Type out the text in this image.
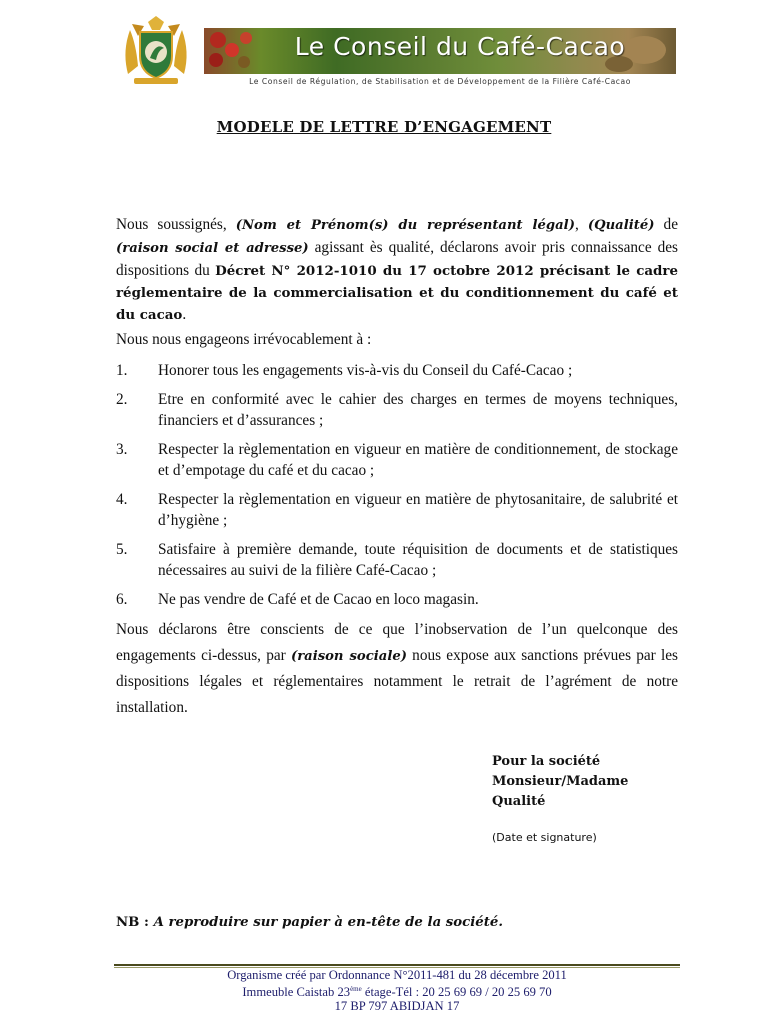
Le Conseil du Café-Cacao
Le Conseil de Régulation, de Stabilisation et de Développement de la Filière Café-Cacao
MODELE DE LETTRE D’ENGAGEMENT
Nous soussignés, (Nom et Prénom(s) du représentant légal), (Qualité) de (raison social et adresse) agissant ès qualité, déclarons avoir pris connaissance des dispositions du Décret N° 2012-1010 du 17 octobre 2012 précisant le cadre réglementaire de la commercialisation et du conditionnement du café et du cacao.
Nous nous engageons irrévocablement à :
1. Honorer tous les engagements vis-à-vis du Conseil du Café-Cacao ;
2. Etre en conformité avec le cahier des charges en termes de moyens techniques, financiers et d’assurances ;
3. Respecter la règlementation en vigueur en matière de conditionnement, de stockage et d’empotage du café et du cacao ;
4. Respecter la règlementation en vigueur en matière de phytosanitaire, de salubrité et d’hygiène ;
5. Satisfaire à première demande, toute réquisition de documents et de statistiques nécessaires au suivi de la filière Café-Cacao ;
6. Ne pas vendre de Café et de Cacao en loco magasin.
Nous déclarons être conscients de ce que l’inobservation de l’un quelconque des engagements ci-dessus, par (raison sociale) nous expose aux sanctions prévues par les dispositions légales et réglementaires notamment le retrait de l’agrément de notre installation.
Pour la société
Monsieur/Madame
Qualité
(Date et signature)
NB : A reproduire sur papier à en-tête de la société.
Organisme créé par Ordonnance N°2011-481 du 28 décembre 2011
Immeuble Caistab 23ème étage-Tél : 20 25 69 69 / 20 25 69 70
17 BP 797 ABIDJAN 17
